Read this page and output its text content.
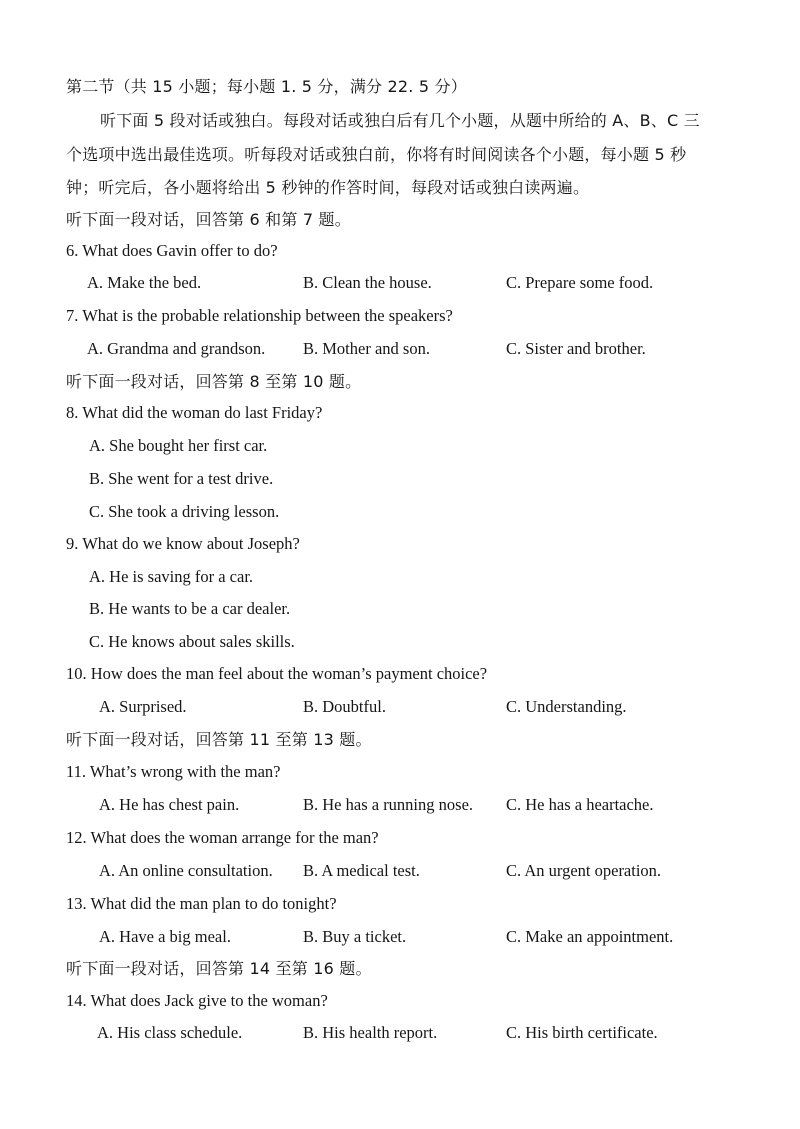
第二节（共 15 小题；每小题 1. 5 分，满分 22. 5 分）
听下面 5 段对话或独白。每段对话或独白后有几个小题，从题中所给的 A、B、C 三
个选项中选出最佳选项。听每段对话或独白前，你将有时间阅读各个小题，每小题 5 秒
钟；听完后，各小题将给出 5 秒钟的作答时间，每段对话或独白读两遍。
听下面一段对话，回答第 6 和第 7 题。
6. What does Gavin offer to do?
A. Make the bed.	B. Clean the house.	C. Prepare some food.
7. What is the probable relationship between the speakers?
A. Grandma and grandson. B. Mother and son.	C. Sister and brother.
听下面一段对话，回答第 8 至第 10 题。
8. What did the woman do last Friday?
A. She bought her first car.
B. She went for a test drive.
C. She took a driving lesson.
9. What do we know about Joseph?
A. He is saving for a car.
B. He wants to be a car dealer.
C. He knows about sales skills.
10. How does the man feel about the woman’s payment choice?
A. Surprised.	B. Doubtful.	C. Understanding.
听下面一段对话，回答第 11 至第 13 题。
11. What’s wrong with the man?
A. He has chest pain.	B. He has a running nose. C. He has a heartache.
12. What does the woman arrange for the man?
A. An online consultation. B. A medical test.	C. An urgent operation.
13. What did the man plan to do tonight?
A. Have a big meal.	B. Buy a ticket.	C. Make an appointment.
听下面一段对话，回答第 14 至第 16 题。
14. What does Jack give to the woman?
A. His class schedule.	B. His health report.	C. His birth certificate.
